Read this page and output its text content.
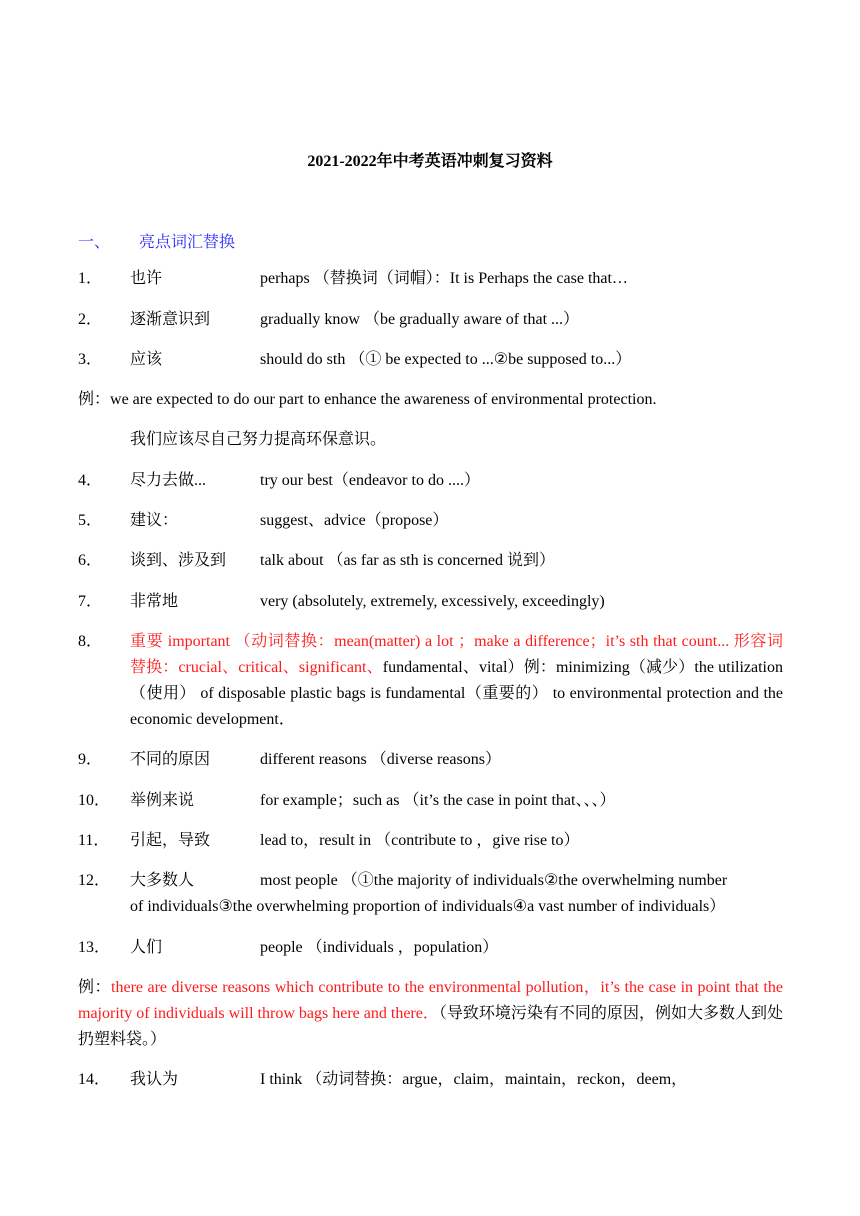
2021-2022年中考英语冲刺复习资料
一、 亮点词汇替换
1． 也许	perhaps （替换词（词帽）：It is Perhaps the case that…
2． 逐渐意识到	gradually know （be gradually aware of that ...）
3． 应该	should do sth （① be expected to ...②be supposed to...）
例：we are expected to do our part to enhance the awareness of environmental protection.
我们应该尽自己努力提高环保意识。
4． 尽力去做...	try our best（endeavor to do ....）
5． 建议：	suggest、advice（propose）
6． 谈到、涉及到 talk about （as far as sth is concerned 说到）
7． 非常地	very (absolutely, extremely, excessively, exceedingly)
8． 重要 important （动词替换：mean(matter) a lot ；make a difference；it’s sth that count... 形容词替换：crucial、critical、significant、fundamental、vital）例：minimizing（减少）the utilization（使用） of disposable plastic bags is fundamental（重要的） to environmental protection and the economic development．
9． 不同的原因	different reasons （diverse reasons）
10． 举例来说	for example；such as （it’s the case in point that、、、）
11． 引起，导致	lead to，result in （contribute to ，give rise to）
12． 大多数人	most people （①the majority of individuals②the overwhelming number
of individuals③the overwhelming proportion of individuals④a vast number of individuals）
13． 人们	people （individuals ，population）
例：there are diverse reasons which contribute to the environmental pollution，it’s the case in point that the majority of individuals will throw bags here and there．（导致环境污染有不同的原因，例如大多数人到处扔塑料袋。）
14． 我认为	I think （动词替换：argue，claim，maintain，reckon，deem，
